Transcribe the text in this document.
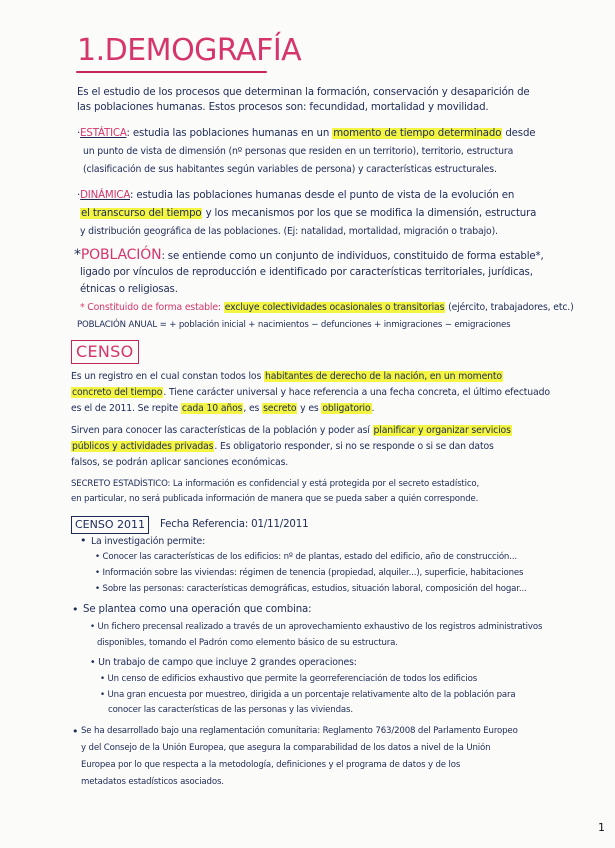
1.DEMOGRAFÍA
Es el estudio de los procesos que determinan la formación, conservación y desaparición de
las poblaciones humanas. Estos procesos son: fecundidad, mortalidad y movilidad.
·ESTÁTICA: estudia las poblaciones humanas en un momento de tiempo determinado desde
un punto de vista de dimensión (nº personas que residen en un territorio), territorio, estructura
(clasificación de sus habitantes según variables de persona) y características estructurales.
·DINÁMICA: estudia las poblaciones humanas desde el punto de vista de la evolución en
el transcurso del tiempo y los mecanismos por los que se modifica la dimensión, estructura
y distribución geográfica de las poblaciones. (Ej: natalidad, mortalidad, migración o trabajo).
*POBLACIÓN: se entiende como un conjunto de individuos, constituido de forma estable*,
ligado por vínculos de reproducción e identificado por características territoriales, jurídicas,
étnicas o religiosas.
* Constituido de forma estable: excluye colectividades ocasionales o transitorias (ejército, trabajadores, etc.)
POBLACIÓN ANUAL = + población inicial + nacimientos − defunciones + inmigraciones − emigraciones
CENSO
Es un registro en el cual constan todos los habitantes de derecho de la nación, en un momento
concreto del tiempo. Tiene carácter universal y hace referencia a una fecha concreta, el último efectuado
es el de 2011. Se repite cada 10 años, es secreto y es obligatorio.
Sirven para conocer las características de la población y poder así planificar y organizar servicios
públicos y actividades privadas. Es obligatorio responder, si no se responde o si se dan datos
falsos, se podrán aplicar sanciones económicas.
SECRETO ESTADÍSTICO: La información es confidencial y está protegida por el secreto estadístico,
en particular, no será publicada información de manera que se pueda saber a quién corresponde.
CENSO 2011	Fecha Referencia: 01/11/2011
• La investigación permite:
• Conocer las características de los edificios: nº de plantas, estado del edificio, año de construcción...
• Información sobre las viviendas: régimen de tenencia (propiedad, alquiler...), superficie, habitaciones
• Sobre las personas: características demográficas, estudios, situación laboral, composición del hogar...
• Se plantea como una operación que combina:
• Un fichero precensal realizado a través de un aprovechamiento exhaustivo de los registros administrativos
disponibles, tomando el Padrón como elemento básico de su estructura.
• Un trabajo de campo que incluye 2 grandes operaciones:
• Un censo de edificios exhaustivo que permite la georreferenciación de todos los edificios
• Una gran encuesta por muestreo, dirigida a un porcentaje relativamente alto de la población para
conocer las características de las personas y las viviendas.
• Se ha desarrollado bajo una reglamentación comunitaria: Reglamento 763/2008 del Parlamento Europeo
y del Consejo de la Unión Europea, que asegura la comparabilidad de los datos a nivel de la Unión
Europea por lo que respecta a la metodología, definiciones y el programa de datos y de los
metadatos estadísticos asociados.
1
